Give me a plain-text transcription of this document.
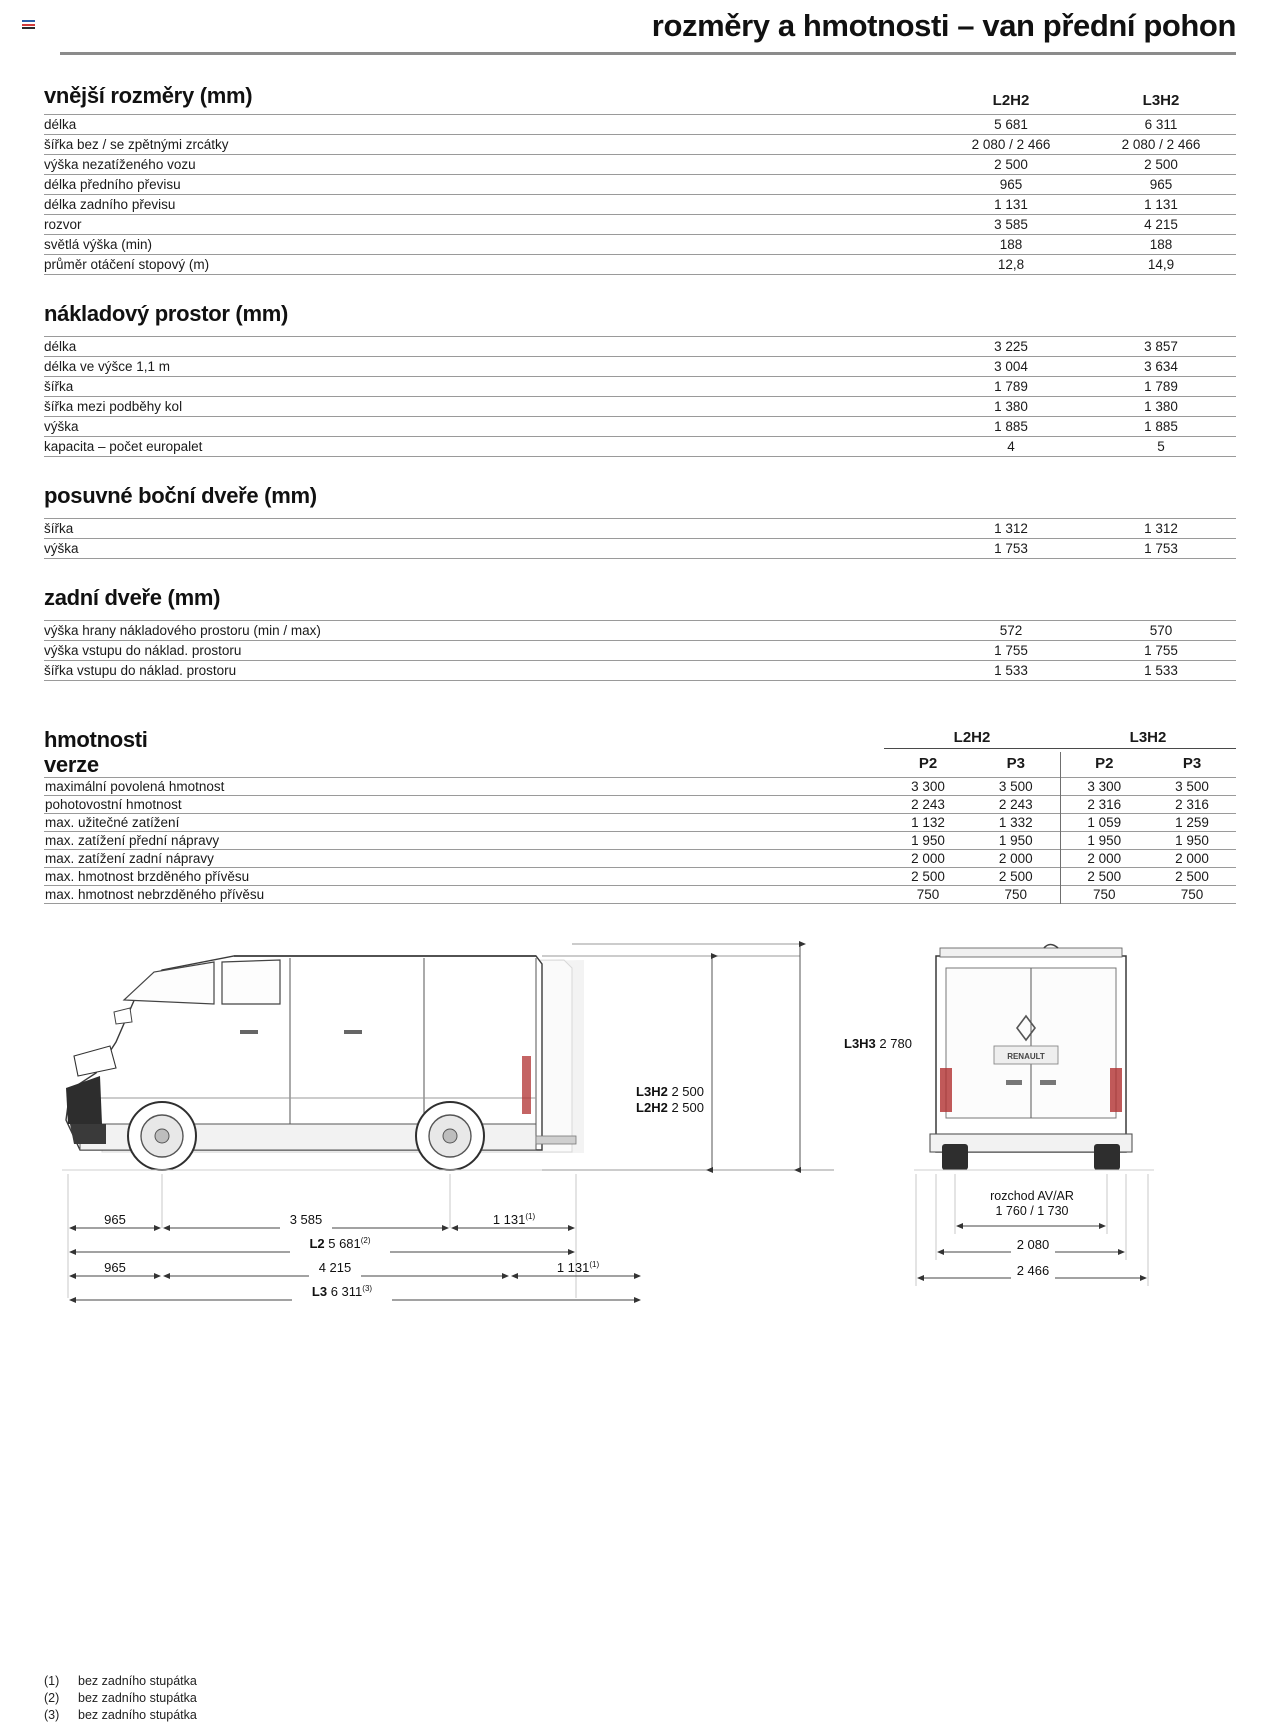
rozměry a hmotnosti – van přední pohon
vnější rozměry (mm)	L2H2	L3H2
délka	5 681	6 311
šířka bez / se zpětnými zrcátky	2 080 / 2 466	2 080 / 2 466
výška nezatíženého vozu	2 500	2 500
délka předního převisu	965	965
délka zadního převisu	1 131	1 131
rozvor	3 585	4 215
světlá výška (min)	188	188
průměr otáčení stopový (m)	12,8	14,9
nákladový prostor (mm)
délka	3 225	3 857
délka ve výšce 1,1 m	3 004	3 634
šířka	1 789	1 789
šířka mezi podběhy kol	1 380	1 380
výška	1 885	1 885
kapacita – počet europalet	4	5
posuvné boční dveře (mm)
šířka	1 312	1 312
výška	1 753	1 753
zadní dveře (mm)
výška hrany nákladového prostoru (min / max)	572	570
výška vstupu do náklad. prostoru	1 755	1 755
šířka vstupu do náklad. prostoru	1 533	1 533
hmotnosti
verze	L2H2		L3H2	

	P2	P3	P2	P3
maximální povolená hmotnost	3 300	3 500	3 300	3 500
pohotovostní hmotnost	2 243	2 243	2 316	2 316
max. užitečné zatížení	1 132	1 332	1 059	1 259
max. zatížení přední nápravy	1 950	1 950	1 950	1 950
max. zatížení zadní nápravy	2 000	2 000	2 000	2 000
max. hmotnost brzděného přívěsu	2 500	2 500	2 500	2 500
max. hmotnost nebrzděného přívěsu	750	750	750	750
RENAULT
L3H3 2 780
L3H2 2 500
L2H2 2 500
965	3 585	1 131$^{(1)}$
L2 5 681$^{(2)}$
965	4 215	1 131$^{(1)}$
L3 6 311$^{(3)}$
rozchod AV/AR
1 760 / 1 730
2 080
2 466
(1) bez zadního stupátka
(2) bez zadního stupátka
(3) bez zadního stupátka
